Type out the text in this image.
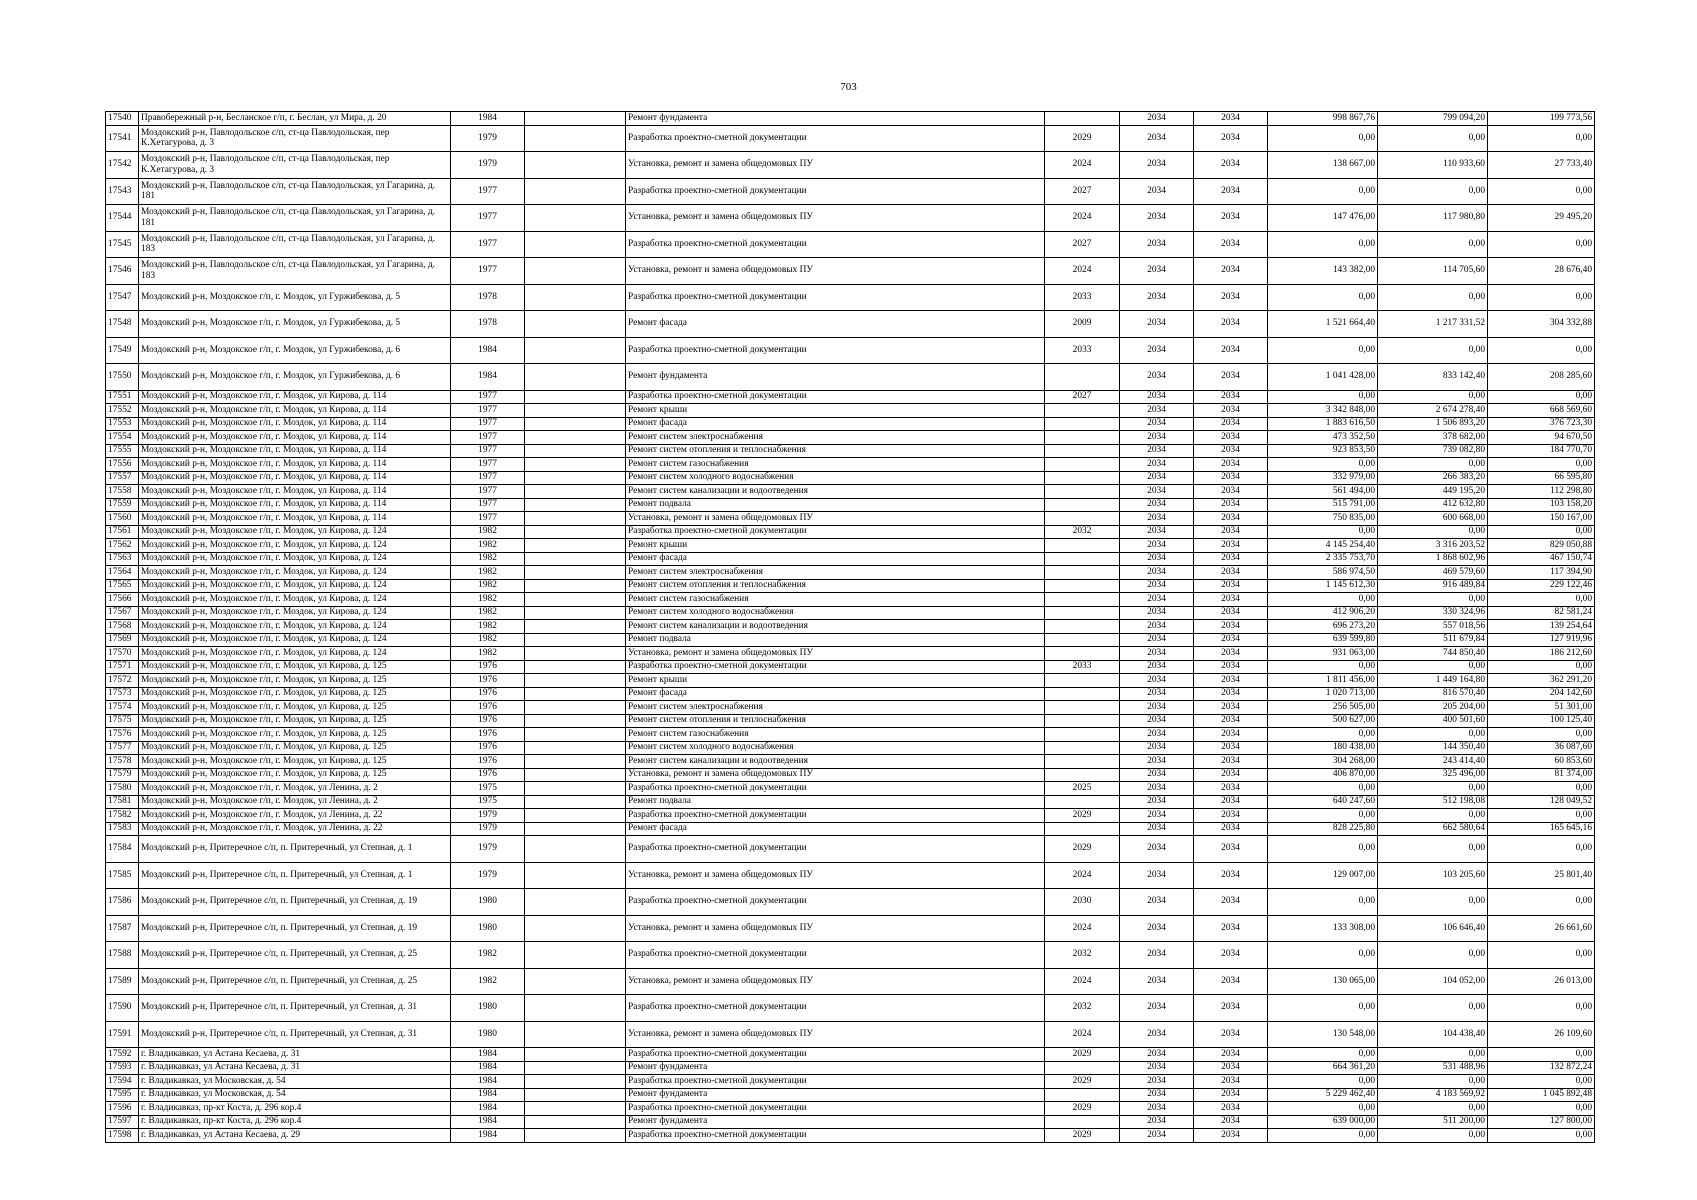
703
17540	Правобережный р-н, Бесланское г/п, г. Беслан, ул Мира, д. 20	1984		Ремонт фундамента		2034	2034	998 867,76	799 094,20	199 773,56
17541	Моздокский р-н, Павлодольское с/п, ст-ца Павлодольская, пер К.Хетагурова, д. 3	1979		Разработка проектно-сметной документации	2029	2034	2034	0,00	0,00	0,00
17542	Моздокский р-н, Павлодольское с/п, ст-ца Павлодольская, пер К.Хетагурова, д. 3	1979		Установка, ремонт и замена общедомовых ПУ	2024	2034	2034	138 667,00	110 933,60	27 733,40
17543	Моздокский р-н, Павлодольское с/п, ст-ца Павлодольская, ул Гагарина, д. 181	1977		Разработка проектно-сметной документации	2027	2034	2034	0,00	0,00	0,00
17544	Моздокский р-н, Павлодольское с/п, ст-ца Павлодольская, ул Гагарина, д. 181	1977		Установка, ремонт и замена общедомовых ПУ	2024	2034	2034	147 476,00	117 980,80	29 495,20
17545	Моздокский р-н, Павлодольское с/п, ст-ца Павлодольская, ул Гагарина, д. 183	1977		Разработка проектно-сметной документации	2027	2034	2034	0,00	0,00	0,00
17546	Моздокский р-н, Павлодольское с/п, ст-ца Павлодольская, ул Гагарина, д. 183	1977		Установка, ремонт и замена общедомовых ПУ	2024	2034	2034	143 382,00	114 705,60	28 676,40
17547	Моздокский р-н, Моздокское г/п, г. Моздок, ул Гуржибекова, д. 5	1978		Разработка проектно-сметной документации	2033	2034	2034	0,00	0,00	0,00
17548	Моздокский р-н, Моздокское г/п, г. Моздок, ул Гуржибекова, д. 5	1978		Ремонт фасада	2009	2034	2034	1 521 664,40	1 217 331,52	304 332,88
17549	Моздокский р-н, Моздокское г/п, г. Моздок, ул Гуржибекова, д. 6	1984		Разработка проектно-сметной документации	2033	2034	2034	0,00	0,00	0,00
17550	Моздокский р-н, Моздокское г/п, г. Моздок, ул Гуржибекова, д. 6	1984		Ремонт фундамента		2034	2034	1 041 428,00	833 142,40	208 285,60
17551	Моздокский р-н, Моздокское г/п, г. Моздок, ул Кирова, д. 114	1977		Разработка проектно-сметной документации	2027	2034	2034	0,00	0,00	0,00
17552	Моздокский р-н, Моздокское г/п, г. Моздок, ул Кирова, д. 114	1977		Ремонт крыши		2034	2034	3 342 848,00	2 674 278,40	668 569,60
17553	Моздокский р-н, Моздокское г/п, г. Моздок, ул Кирова, д. 114	1977		Ремонт фасада		2034	2034	1 883 616,50	1 506 893,20	376 723,30
17554	Моздокский р-н, Моздокское г/п, г. Моздок, ул Кирова, д. 114	1977		Ремонт систем электроснабжения		2034	2034	473 352,50	378 682,00	94 670,50
17555	Моздокский р-н, Моздокское г/п, г. Моздок, ул Кирова, д. 114	1977		Ремонт систем отопления и теплоснабжения		2034	2034	923 853,50	739 082,80	184 770,70
17556	Моздокский р-н, Моздокское г/п, г. Моздок, ул Кирова, д. 114	1977		Ремонт систем газоснабжения		2034	2034	0,00	0,00	0,00
17557	Моздокский р-н, Моздокское г/п, г. Моздок, ул Кирова, д. 114	1977		Ремонт систем холодного водоснабжения		2034	2034	332 979,00	266 383,20	66 595,80
17558	Моздокский р-н, Моздокское г/п, г. Моздок, ул Кирова, д. 114	1977		Ремонт систем канализации и водоотведения		2034	2034	561 494,00	449 195,20	112 298,80
17559	Моздокский р-н, Моздокское г/п, г. Моздок, ул Кирова, д. 114	1977		Ремонт подвала		2034	2034	515 791,00	412 632,80	103 158,20
17560	Моздокский р-н, Моздокское г/п, г. Моздок, ул Кирова, д. 114	1977		Установка, ремонт и замена общедомовых ПУ		2034	2034	750 835,00	600 668,00	150 167,00
17561	Моздокский р-н, Моздокское г/п, г. Моздок, ул Кирова, д. 124	1982		Разработка проектно-сметной документации	2032	2034	2034	0,00	0,00	0,00
17562	Моздокский р-н, Моздокское г/п, г. Моздок, ул Кирова, д. 124	1982		Ремонт крыши		2034	2034	4 145 254,40	3 316 203,52	829 050,88
17563	Моздокский р-н, Моздокское г/п, г. Моздок, ул Кирова, д. 124	1982		Ремонт фасада		2034	2034	2 335 753,70	1 868 602,96	467 150,74
17564	Моздокский р-н, Моздокское г/п, г. Моздок, ул Кирова, д. 124	1982		Ремонт систем электроснабжения		2034	2034	586 974,50	469 579,60	117 394,90
17565	Моздокский р-н, Моздокское г/п, г. Моздок, ул Кирова, д. 124	1982		Ремонт систем отопления и теплоснабжения		2034	2034	1 145 612,30	916 489,84	229 122,46
17566	Моздокский р-н, Моздокское г/п, г. Моздок, ул Кирова, д. 124	1982		Ремонт систем газоснабжения		2034	2034	0,00	0,00	0,00
17567	Моздокский р-н, Моздокское г/п, г. Моздок, ул Кирова, д. 124	1982		Ремонт систем холодного водоснабжения		2034	2034	412 906,20	330 324,96	82 581,24
17568	Моздокский р-н, Моздокское г/п, г. Моздок, ул Кирова, д. 124	1982		Ремонт систем канализации и водоотведения		2034	2034	696 273,20	557 018,56	139 254,64
17569	Моздокский р-н, Моздокское г/п, г. Моздок, ул Кирова, д. 124	1982		Ремонт подвала		2034	2034	639 599,80	511 679,84	127 919,96
17570	Моздокский р-н, Моздокское г/п, г. Моздок, ул Кирова, д. 124	1982		Установка, ремонт и замена общедомовых ПУ		2034	2034	931 063,00	744 850,40	186 212,60
17571	Моздокский р-н, Моздокское г/п, г. Моздок, ул Кирова, д. 125	1976		Разработка проектно-сметной документации	2033	2034	2034	0,00	0,00	0,00
17572	Моздокский р-н, Моздокское г/п, г. Моздок, ул Кирова, д. 125	1976		Ремонт крыши		2034	2034	1 811 456,00	1 449 164,80	362 291,20
17573	Моздокский р-н, Моздокское г/п, г. Моздок, ул Кирова, д. 125	1976		Ремонт фасада		2034	2034	1 020 713,00	816 570,40	204 142,60
17574	Моздокский р-н, Моздокское г/п, г. Моздок, ул Кирова, д. 125	1976		Ремонт систем электроснабжения		2034	2034	256 505,00	205 204,00	51 301,00
17575	Моздокский р-н, Моздокское г/п, г. Моздок, ул Кирова, д. 125	1976		Ремонт систем отопления и теплоснабжения		2034	2034	500 627,00	400 501,60	100 125,40
17576	Моздокский р-н, Моздокское г/п, г. Моздок, ул Кирова, д. 125	1976		Ремонт систем газоснабжения		2034	2034	0,00	0,00	0,00
17577	Моздокский р-н, Моздокское г/п, г. Моздок, ул Кирова, д. 125	1976		Ремонт систем холодного водоснабжения		2034	2034	180 438,00	144 350,40	36 087,60
17578	Моздокский р-н, Моздокское г/п, г. Моздок, ул Кирова, д. 125	1976		Ремонт систем канализации и водоотведения		2034	2034	304 268,00	243 414,40	60 853,60
17579	Моздокский р-н, Моздокское г/п, г. Моздок, ул Кирова, д. 125	1976		Установка, ремонт и замена общедомовых ПУ		2034	2034	406 870,00	325 496,00	81 374,00
17580	Моздокский р-н, Моздокское г/п, г. Моздок, ул Ленина, д. 2	1975		Разработка проектно-сметной документации	2025	2034	2034	0,00	0,00	0,00
17581	Моздокский р-н, Моздокское г/п, г. Моздок, ул Ленина, д. 2	1975		Ремонт подвала		2034	2034	640 247,60	512 198,08	128 049,52
17582	Моздокский р-н, Моздокское г/п, г. Моздок, ул Ленина, д. 22	1979		Разработка проектно-сметной документации	2029	2034	2034	0,00	0,00	0,00
17583	Моздокский р-н, Моздокское г/п, г. Моздок, ул Ленина, д. 22	1979		Ремонт фасада		2034	2034	828 225,80	662 580,64	165 645,16
17584	Моздокский р-н, Притеречное с/п, п. Притеречный, ул Степная, д. 1	1979		Разработка проектно-сметной документации	2029	2034	2034	0,00	0,00	0,00
17585	Моздокский р-н, Притеречное с/п, п. Притеречный, ул Степная, д. 1	1979		Установка, ремонт и замена общедомовых ПУ	2024	2034	2034	129 007,00	103 205,60	25 801,40
17586	Моздокский р-н, Притеречное с/п, п. Притеречный, ул Степная, д. 19	1980		Разработка проектно-сметной документации	2030	2034	2034	0,00	0,00	0,00
17587	Моздокский р-н, Притеречное с/п, п. Притеречный, ул Степная, д. 19	1980		Установка, ремонт и замена общедомовых ПУ	2024	2034	2034	133 308,00	106 646,40	26 661,60
17588	Моздокский р-н, Притеречное с/п, п. Притеречный, ул Степная, д. 25	1982		Разработка проектно-сметной документации	2032	2034	2034	0,00	0,00	0,00
17589	Моздокский р-н, Притеречное с/п, п. Притеречный, ул Степная, д. 25	1982		Установка, ремонт и замена общедомовых ПУ	2024	2034	2034	130 065,00	104 052,00	26 013,00
17590	Моздокский р-н, Притеречное с/п, п. Притеречный, ул Степная, д. 31	1980		Разработка проектно-сметной документации	2032	2034	2034	0,00	0,00	0,00
17591	Моздокский р-н, Притеречное с/п, п. Притеречный, ул Степная, д. 31	1980		Установка, ремонт и замена общедомовых ПУ	2024	2034	2034	130 548,00	104 438,40	26 109,60
17592	г. Владикавказ, ул Астана Кесаева, д. 31	1984		Разработка проектно-сметной документации	2029	2034	2034	0,00	0,00	0,00
17593	г. Владикавказ, ул Астана Кесаева, д. 31	1984		Ремонт фундамента		2034	2034	664 361,20	531 488,96	132 872,24
17594	г. Владикавказ, ул Московская, д. 54	1984		Разработка проектно-сметной документации	2029	2034	2034	0,00	0,00	0,00
17595	г. Владикавказ, ул Московская, д. 54	1984		Ремонт фундамента		2034	2034	5 229 462,40	4 183 569,92	1 045 892,48
17596	г. Владикавказ, пр-кт Коста, д. 296 кор.4	1984		Разработка проектно-сметной документации	2029	2034	2034	0,00	0,00	0,00
17597	г. Владикавказ, пр-кт Коста, д. 296 кор.4	1984		Ремонт фундамента		2034	2034	639 000,00	511 200,00	127 800,00
17598	г. Владикавказ, ул Астана Кесаева, д. 29	1984		Разработка проектно-сметной документации	2029	2034	2034	0,00	0,00	0,00
